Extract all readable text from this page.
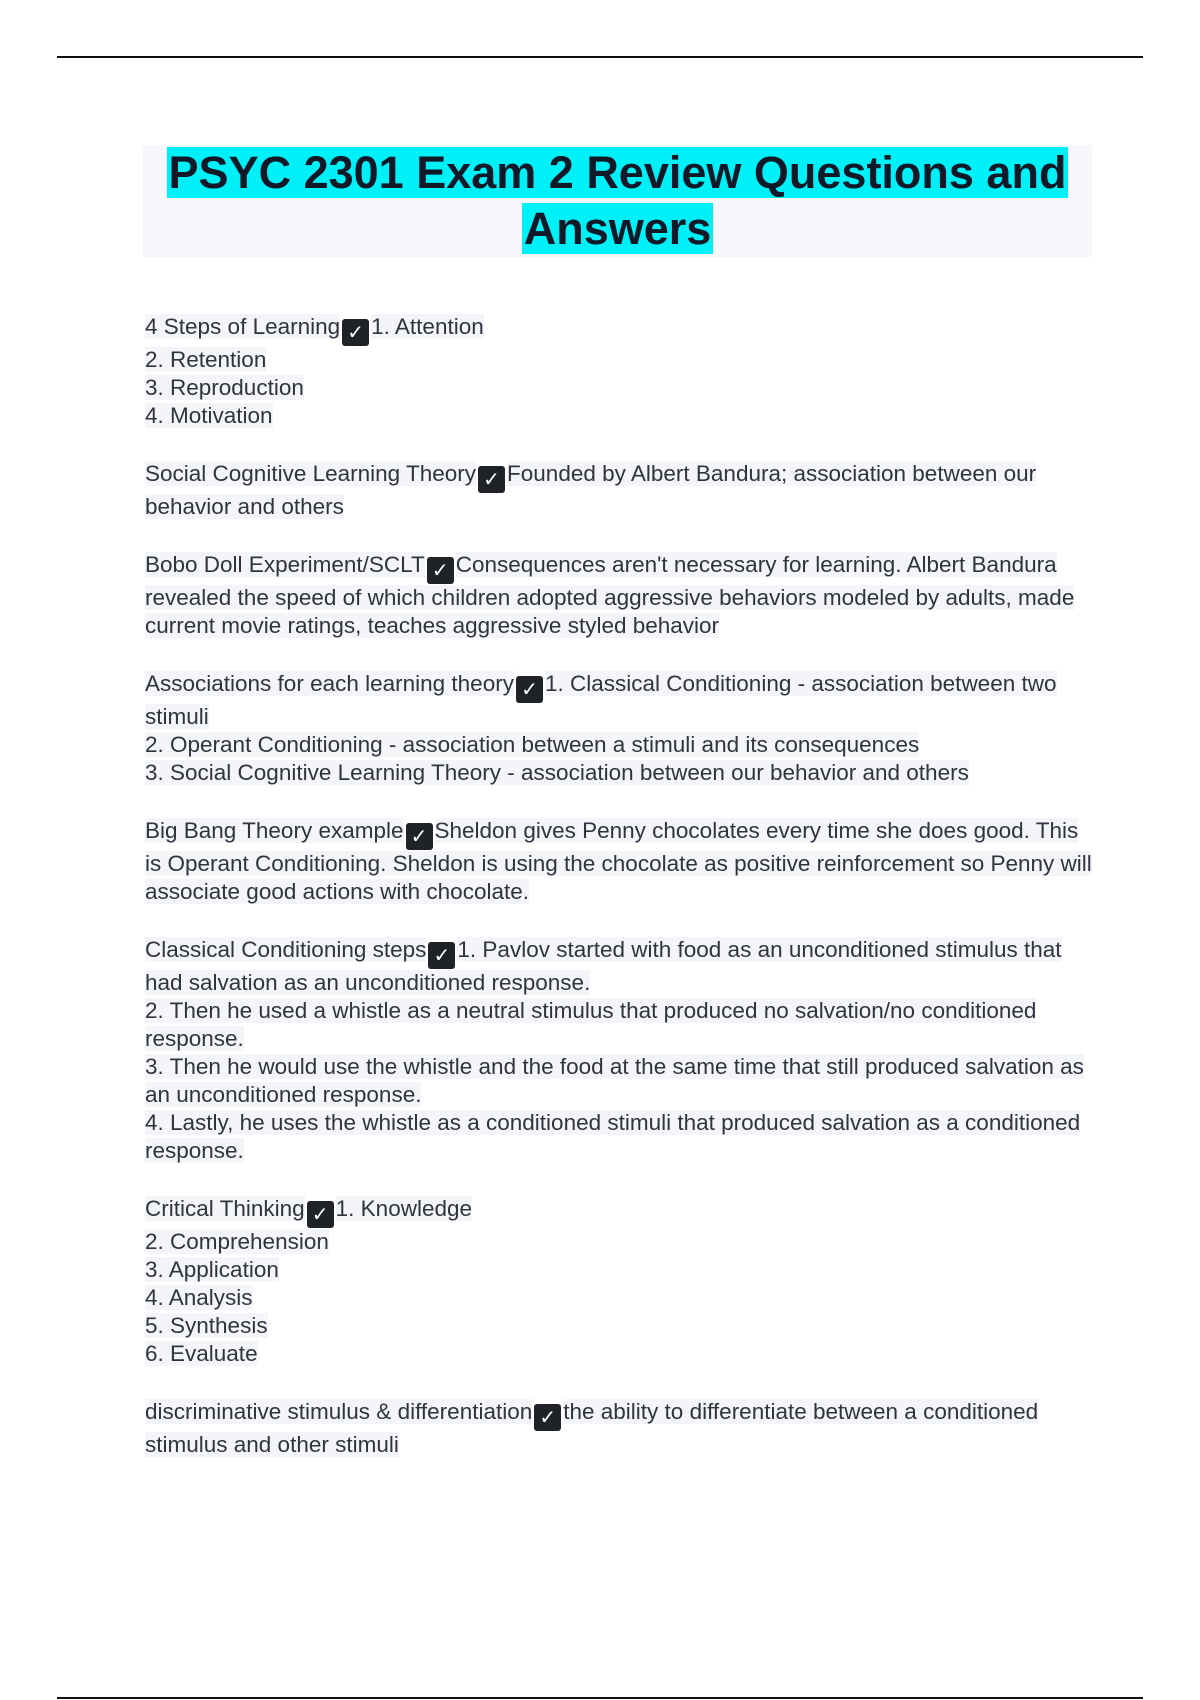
PSYC 2301 Exam 2 Review Questions and Answers
4 Steps of Learning ✓ 1. Attention
2. Retention
3. Reproduction
4. Motivation
Social Cognitive Learning Theory ✓ Founded by Albert Bandura; association between our behavior and others
Bobo Doll Experiment/SCLT ✓ Consequences aren't necessary for learning. Albert Bandura revealed the speed of which children adopted aggressive behaviors modeled by adults, made current movie ratings, teaches aggressive styled behavior
Associations for each learning theory ✓ 1. Classical Conditioning - association between two stimuli
2. Operant Conditioning - association between a stimuli and its consequences
3. Social Cognitive Learning Theory - association between our behavior and others
Big Bang Theory example ✓ Sheldon gives Penny chocolates every time she does good. This is Operant Conditioning. Sheldon is using the chocolate as positive reinforcement so Penny will associate good actions with chocolate.
Classical Conditioning steps ✓ 1. Pavlov started with food as an unconditioned stimulus that had salvation as an unconditioned response.
2. Then he used a whistle as a neutral stimulus that produced no salvation/no conditioned response.
3. Then he would use the whistle and the food at the same time that still produced salvation as an unconditioned response.
4. Lastly, he uses the whistle as a conditioned stimuli that produced salvation as a conditioned response.
Critical Thinking ✓ 1. Knowledge
2. Comprehension
3. Application
4. Analysis
5. Synthesis
6. Evaluate
discriminative stimulus & differentiation ✓ the ability to differentiate between a conditioned stimulus and other stimuli
